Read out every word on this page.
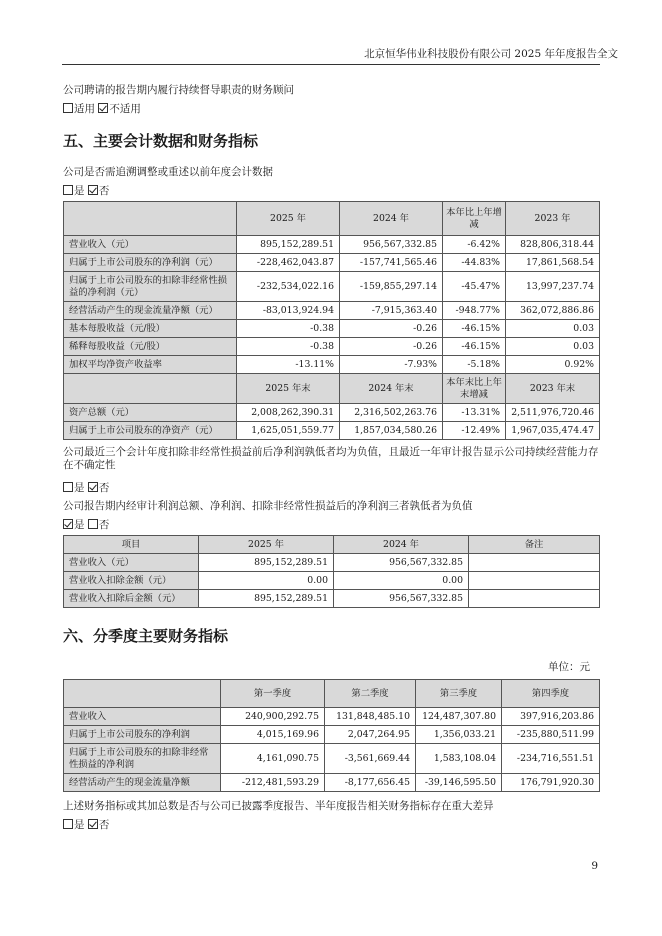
北京恒华伟业科技股份有限公司 2025 年年度报告全文
公司聘请的报告期内履行持续督导职责的财务顾问
适用 不适用
五、主要会计数据和财务指标
公司是否需追溯调整或重述以前年度会计数据
是 否
	2025 年	2024 年	本年比上年增减	2023 年
营业收入（元）	895,152,289.51	956,567,332.85	-6.42%	828,806,318.44
归属于上市公司股东的净利润（元）	-228,462,043.87	-157,741,565.46	-44.83%	17,861,568.54
归属于上市公司股东的扣除非经常性损益的净利润（元）	-232,534,022.16	-159,855,297.14	-45.47%	13,997,237.74
经营活动产生的现金流量净额（元）	-83,013,924.94	-7,915,363.40	-948.77%	362,072,886.86
基本每股收益（元/股）	-0.38	-0.26	-46.15%	0.03
稀释每股收益（元/股）	-0.38	-0.26	-46.15%	0.03
加权平均净资产收益率	-13.11%	-7.93%	-5.18%	0.92%
	2025 年末	2024 年末	本年末比上年末增减	2023 年末
资产总额（元）	2,008,262,390.31	2,316,502,263.76	-13.31%	2,511,976,720.46
归属于上市公司股东的净资产（元）	1,625,051,559.77	1,857,034,580.26	-12.49%	1,967,035,474.47
公司最近三个会计年度扣除非经常性损益前后净利润孰低者均为负值，且最近一年审计报告显示公司持续经营能力存在不确定性
是 否
公司报告期内经审计利润总额、净利润、扣除非经常性损益后的净利润三者孰低者为负值
是 否
项目	2025 年	2024 年	备注
营业收入（元）	895,152,289.51	956,567,332.85	
营业收入扣除金额（元）	0.00	0.00	
营业收入扣除后金额（元）	895,152,289.51	956,567,332.85	
六、分季度主要财务指标
单位：元
	第一季度	第二季度	第三季度	第四季度
营业收入	240,900,292.75	131,848,485.10	124,487,307.80	397,916,203.86
归属于上市公司股东的净利润	4,015,169.96	2,047,264.95	1,356,033.21	-235,880,511.99
归属于上市公司股东的扣除非经常性损益的净利润	4,161,090.75	-3,561,669.44	1,583,108.04	-234,716,551.51
经营活动产生的现金流量净额	-212,481,593.29	-8,177,656.45	-39,146,595.50	176,791,920.30
上述财务指标或其加总数是否与公司已披露季度报告、半年度报告相关财务指标存在重大差异
是 否
9
